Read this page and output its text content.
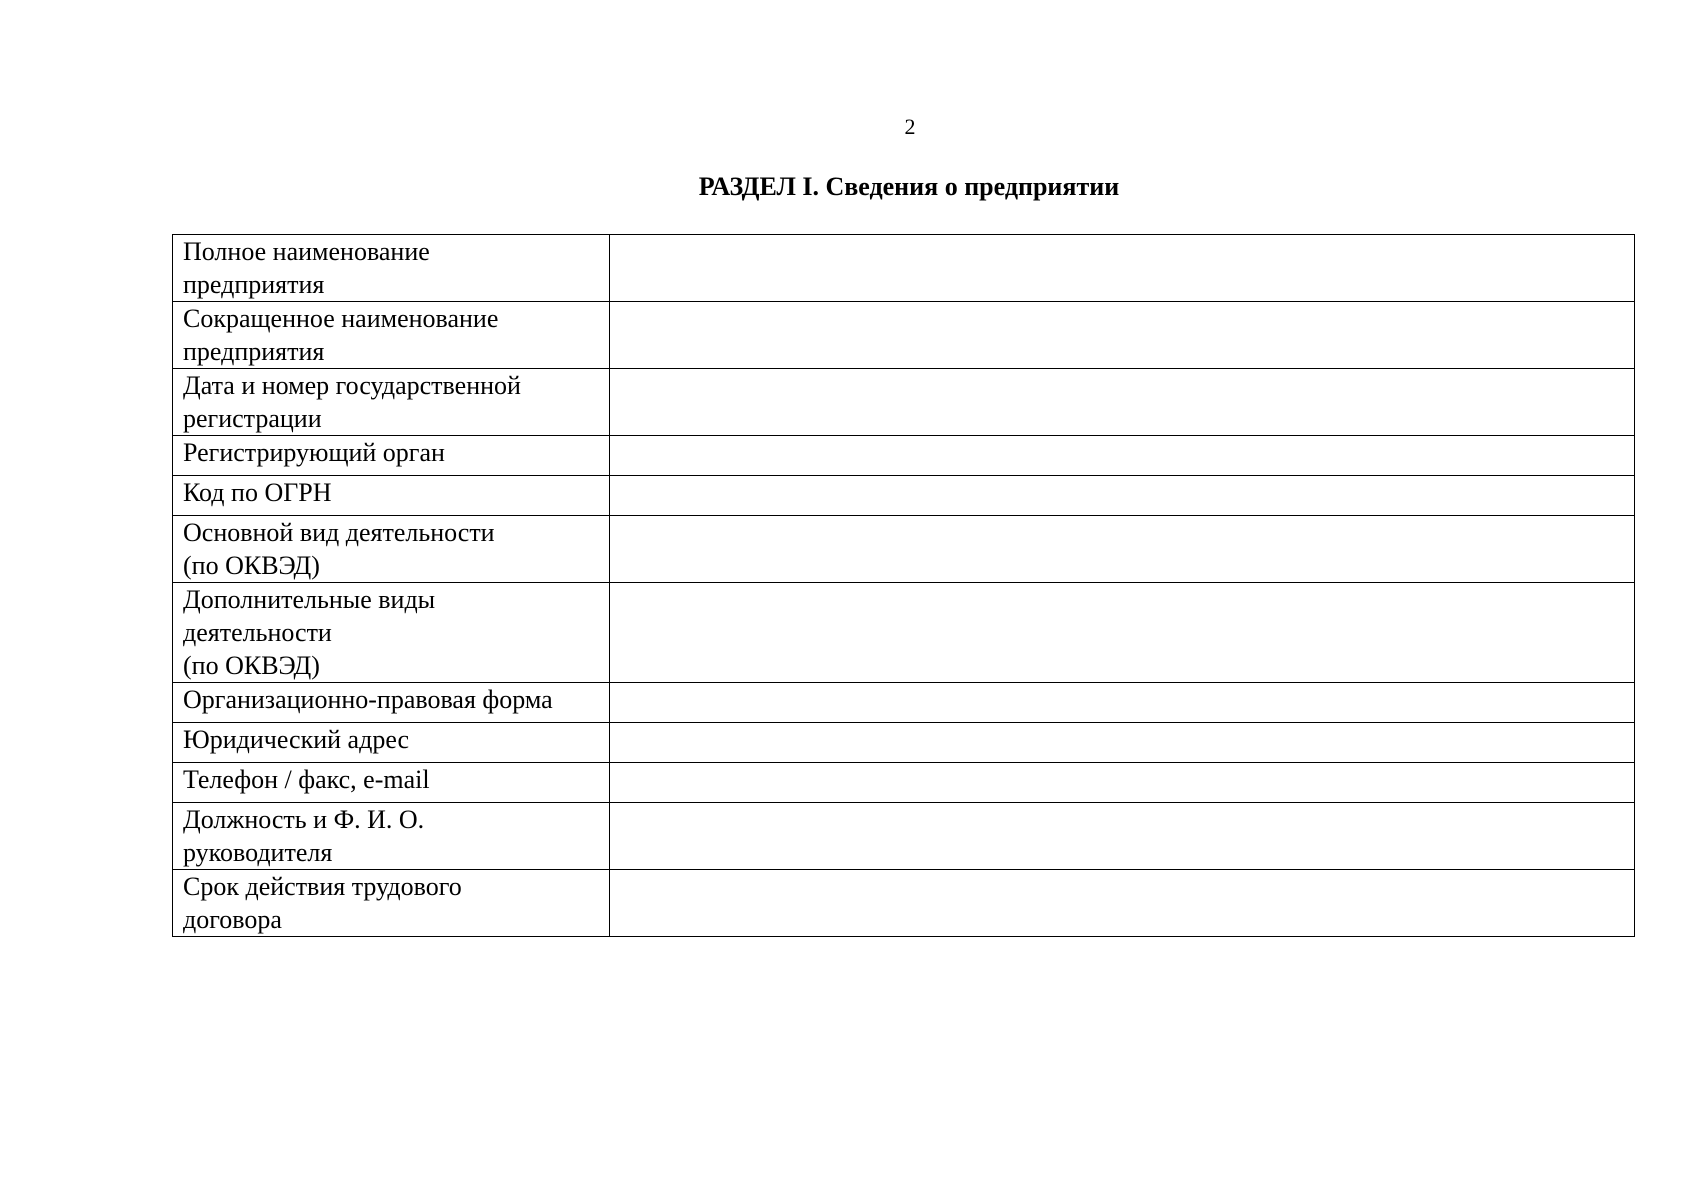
2
РАЗДЕЛ I. Сведения о предприятии
Полное наименование
предприятия	

Сокращенное наименование
предприятия	

Дата и номер государственной
регистрации	

Регистрирующий орган	

Код по ОГРН	

Основной вид деятельности
(по ОКВЭД)	

Дополнительные виды
деятельности
(по ОКВЭД)	

Организационно-правовая форма	

Юридический адрес	

Телефон / факс, e-mail	

Должность и Ф. И. О.
руководителя	

Срок действия трудового
договора	
